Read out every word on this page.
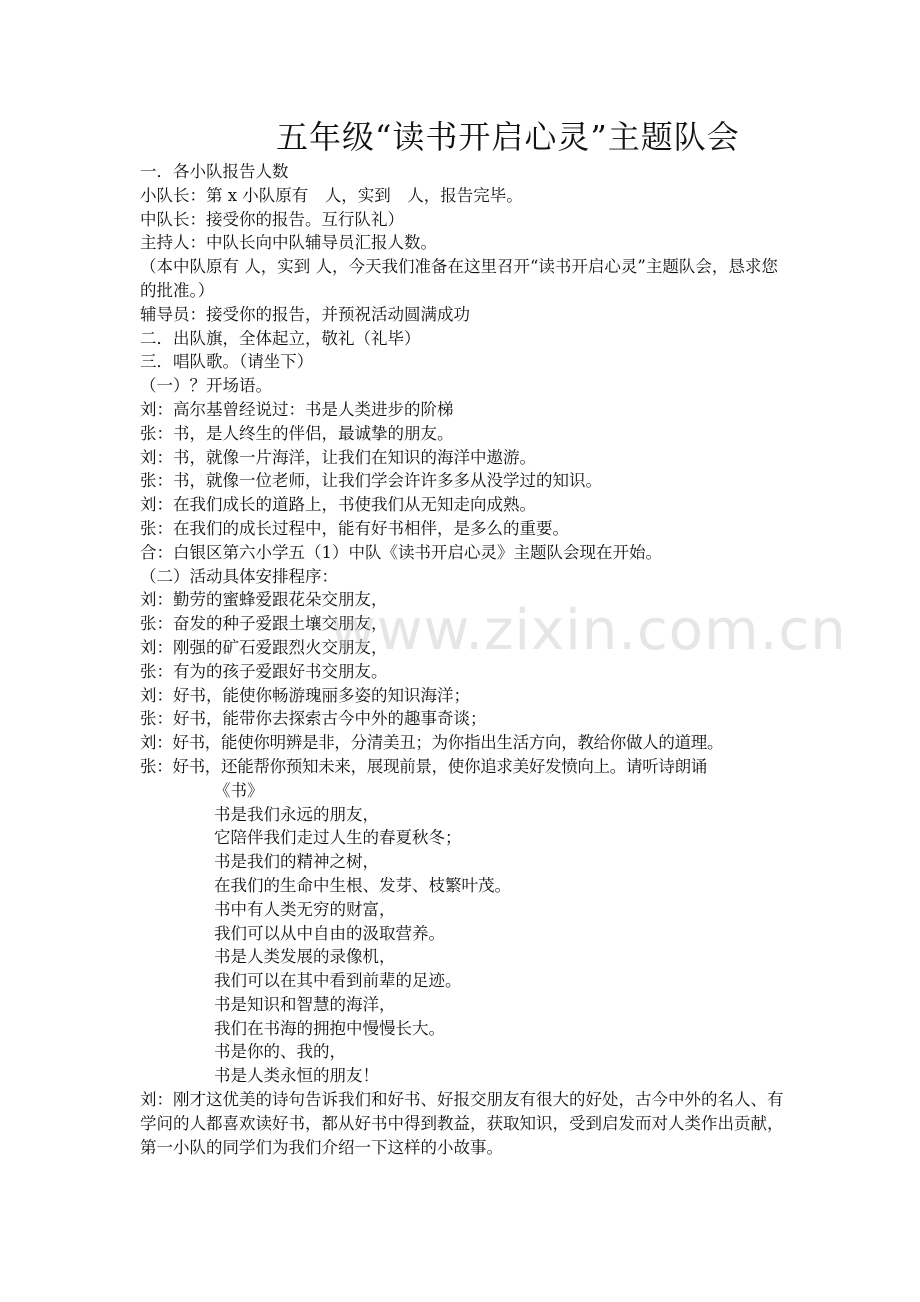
五年级“读书开启心灵”主题队会
一．各小队报告人数
小队长：第 x 小队原有　人，实到　人，报告完毕。
中队长：接受你的报告。互行队礼）
主持人：中队长向中队辅导员汇报人数。
（本中队原有 人，实到 人，今天我们准备在这里召开“读书开启心灵”主题队会，恳求您的批准。）
辅导员：接受你的报告，并预祝活动圆满成功
二．出队旗，全体起立，敬礼（礼毕）
三．唱队歌。（请坐下）
（一）？开场语。
刘：高尔基曾经说过：书是人类进步的阶梯
张：书，是人终生的伴侣，最诚挚的朋友。
刘：书，就像一片海洋，让我们在知识的海洋中遨游。
张：书，就像一位老师，让我们学会许许多多从没学过的知识。
刘：在我们成长的道路上，书使我们从无知走向成熟。
张：在我们的成长过程中，能有好书相伴，是多么的重要。
合：白银区第六小学五（1）中队《读书开启心灵》主题队会现在开始。
（二）活动具体安排程序：
刘：勤劳的蜜蜂爱跟花朵交朋友，
张：奋发的种子爱跟土壤交朋友，
刘：刚强的矿石爱跟烈火交朋友，
张：有为的孩子爱跟好书交朋友。
刘：好书，能使你畅游瑰丽多姿的知识海洋；
张：好书，能带你去探索古今中外的趣事奇谈；
刘：好书，能使你明辨是非，分清美丑；为你指出生活方向，教给你做人的道理。
张：好书，还能帮你预知未来，展现前景，使你追求美好发愤向上。请听诗朗诵
《书》
书是我们永远的朋友，
它陪伴我们走过人生的春夏秋冬；
书是我们的精神之树，
在我们的生命中生根、发芽、枝繁叶茂。
书中有人类无穷的财富，
我们可以从中自由的汲取营养。
书是人类发展的录像机，
我们可以在其中看到前辈的足迹。
书是知识和智慧的海洋，
我们在书海的拥抱中慢慢长大。
书是你的、我的，
书是人类永恒的朋友！
刘：刚才这优美的诗句告诉我们和好书、好报交朋友有很大的好处，古今中外的名人、有学问的人都喜欢读好书，都从好书中得到教益，获取知识，受到启发而对人类作出贡献，第一小队的同学们为我们介绍一下这样的小故事。
www.zixin.com.cn
